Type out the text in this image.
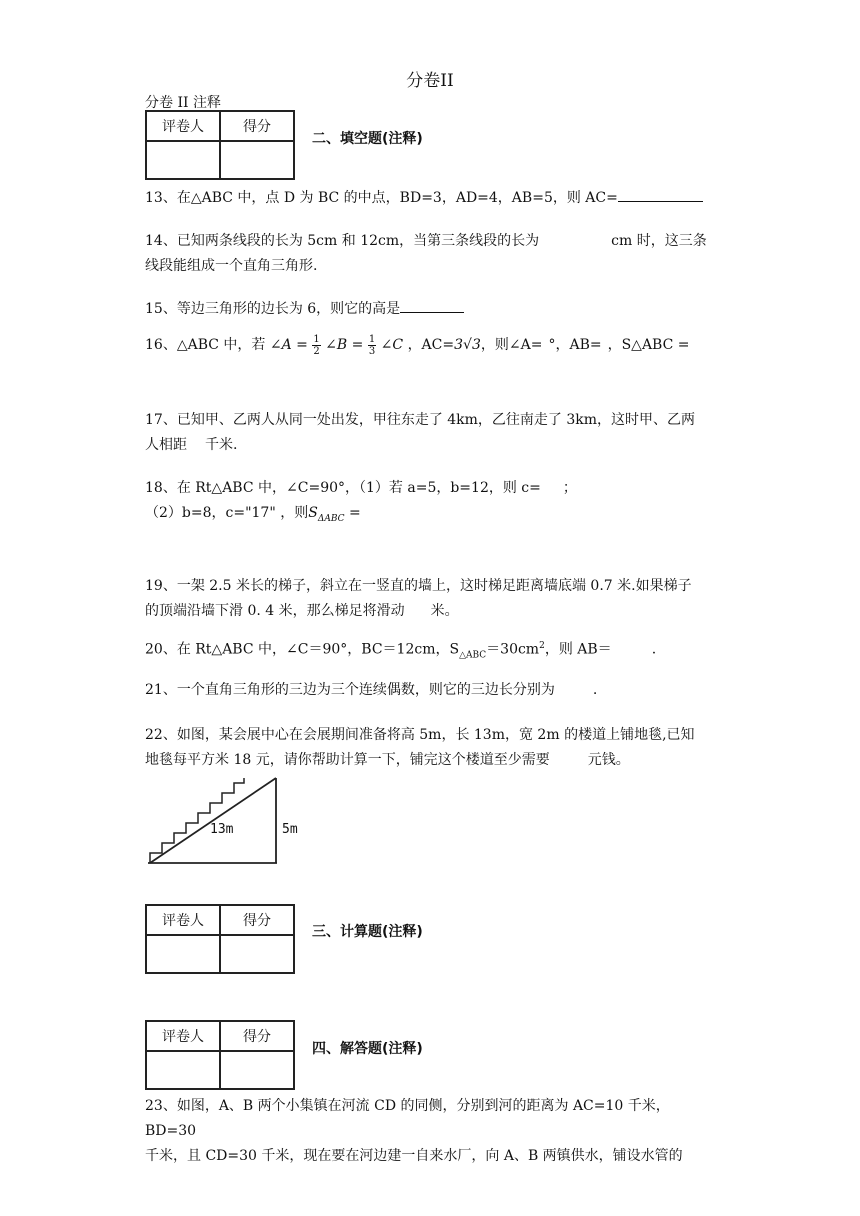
分卷II
分卷 II 注释
评卷人	得分

二、填空题(注释)
13、在△ABC 中，点 D 为 BC 的中点，BD=3，AD=4，AB=5，则 AC=
14、已知两条线段的长为 5cm 和 12cm，当第三条线段的长为	cm 时，这三条
线段能组成一个直角三角形.
15、等边三角形的边长为 6，则它的高是
16、△ABC 中，若 ∠A = $\frac{1}{2}$ ∠B = $\frac{1}{3}$ ∠C ，AC=3√3，则∠A= °，AB= ，S△ABC =
17、已知甲、乙两人从同一处出发，甲往东走了 4km，乙往南走了 3km，这时甲、乙两
人相距 千米.
18、在 Rt△ABC 中，∠C=90°，（1）若 a=5，b=12，则 c= ；
（2）b=8，c="17" ，则$S_{\Delta ABC}$ =
19、一架 2.5 米长的梯子，斜立在一竖直的墙上，这时梯足距离墙底端 0.7 米.如果梯子
的顶端沿墙下滑 0. 4 米，那么梯足将滑动 米。
20、在 Rt△ABC 中，∠C＝90°，BC＝12cm，$S_{\triangle ABC}=30cm^2$，则 AB＝	.
21、一个直角三角形的三边为三个连续偶数，则它的三边长分别为	.
22、如图，某会展中心在会展期间准备将高 5m，长 13m，宽 2m 的楼道上铺地毯,已知
地毯每平方米 18 元，请你帮助计算一下，铺完这个楼道至少需要	元钱。
13m	5m
评卷人	得分

三、计算题(注释)
评卷人	得分

四、解答题(注释)
23、如图，A、B 两个小集镇在河流 CD 的同侧，分别到河的距离为 AC=10 千米，BD=30
千米，且 CD=30 千米，现在要在河边建一自来水厂，向 A、B 两镇供水，铺设水管的
